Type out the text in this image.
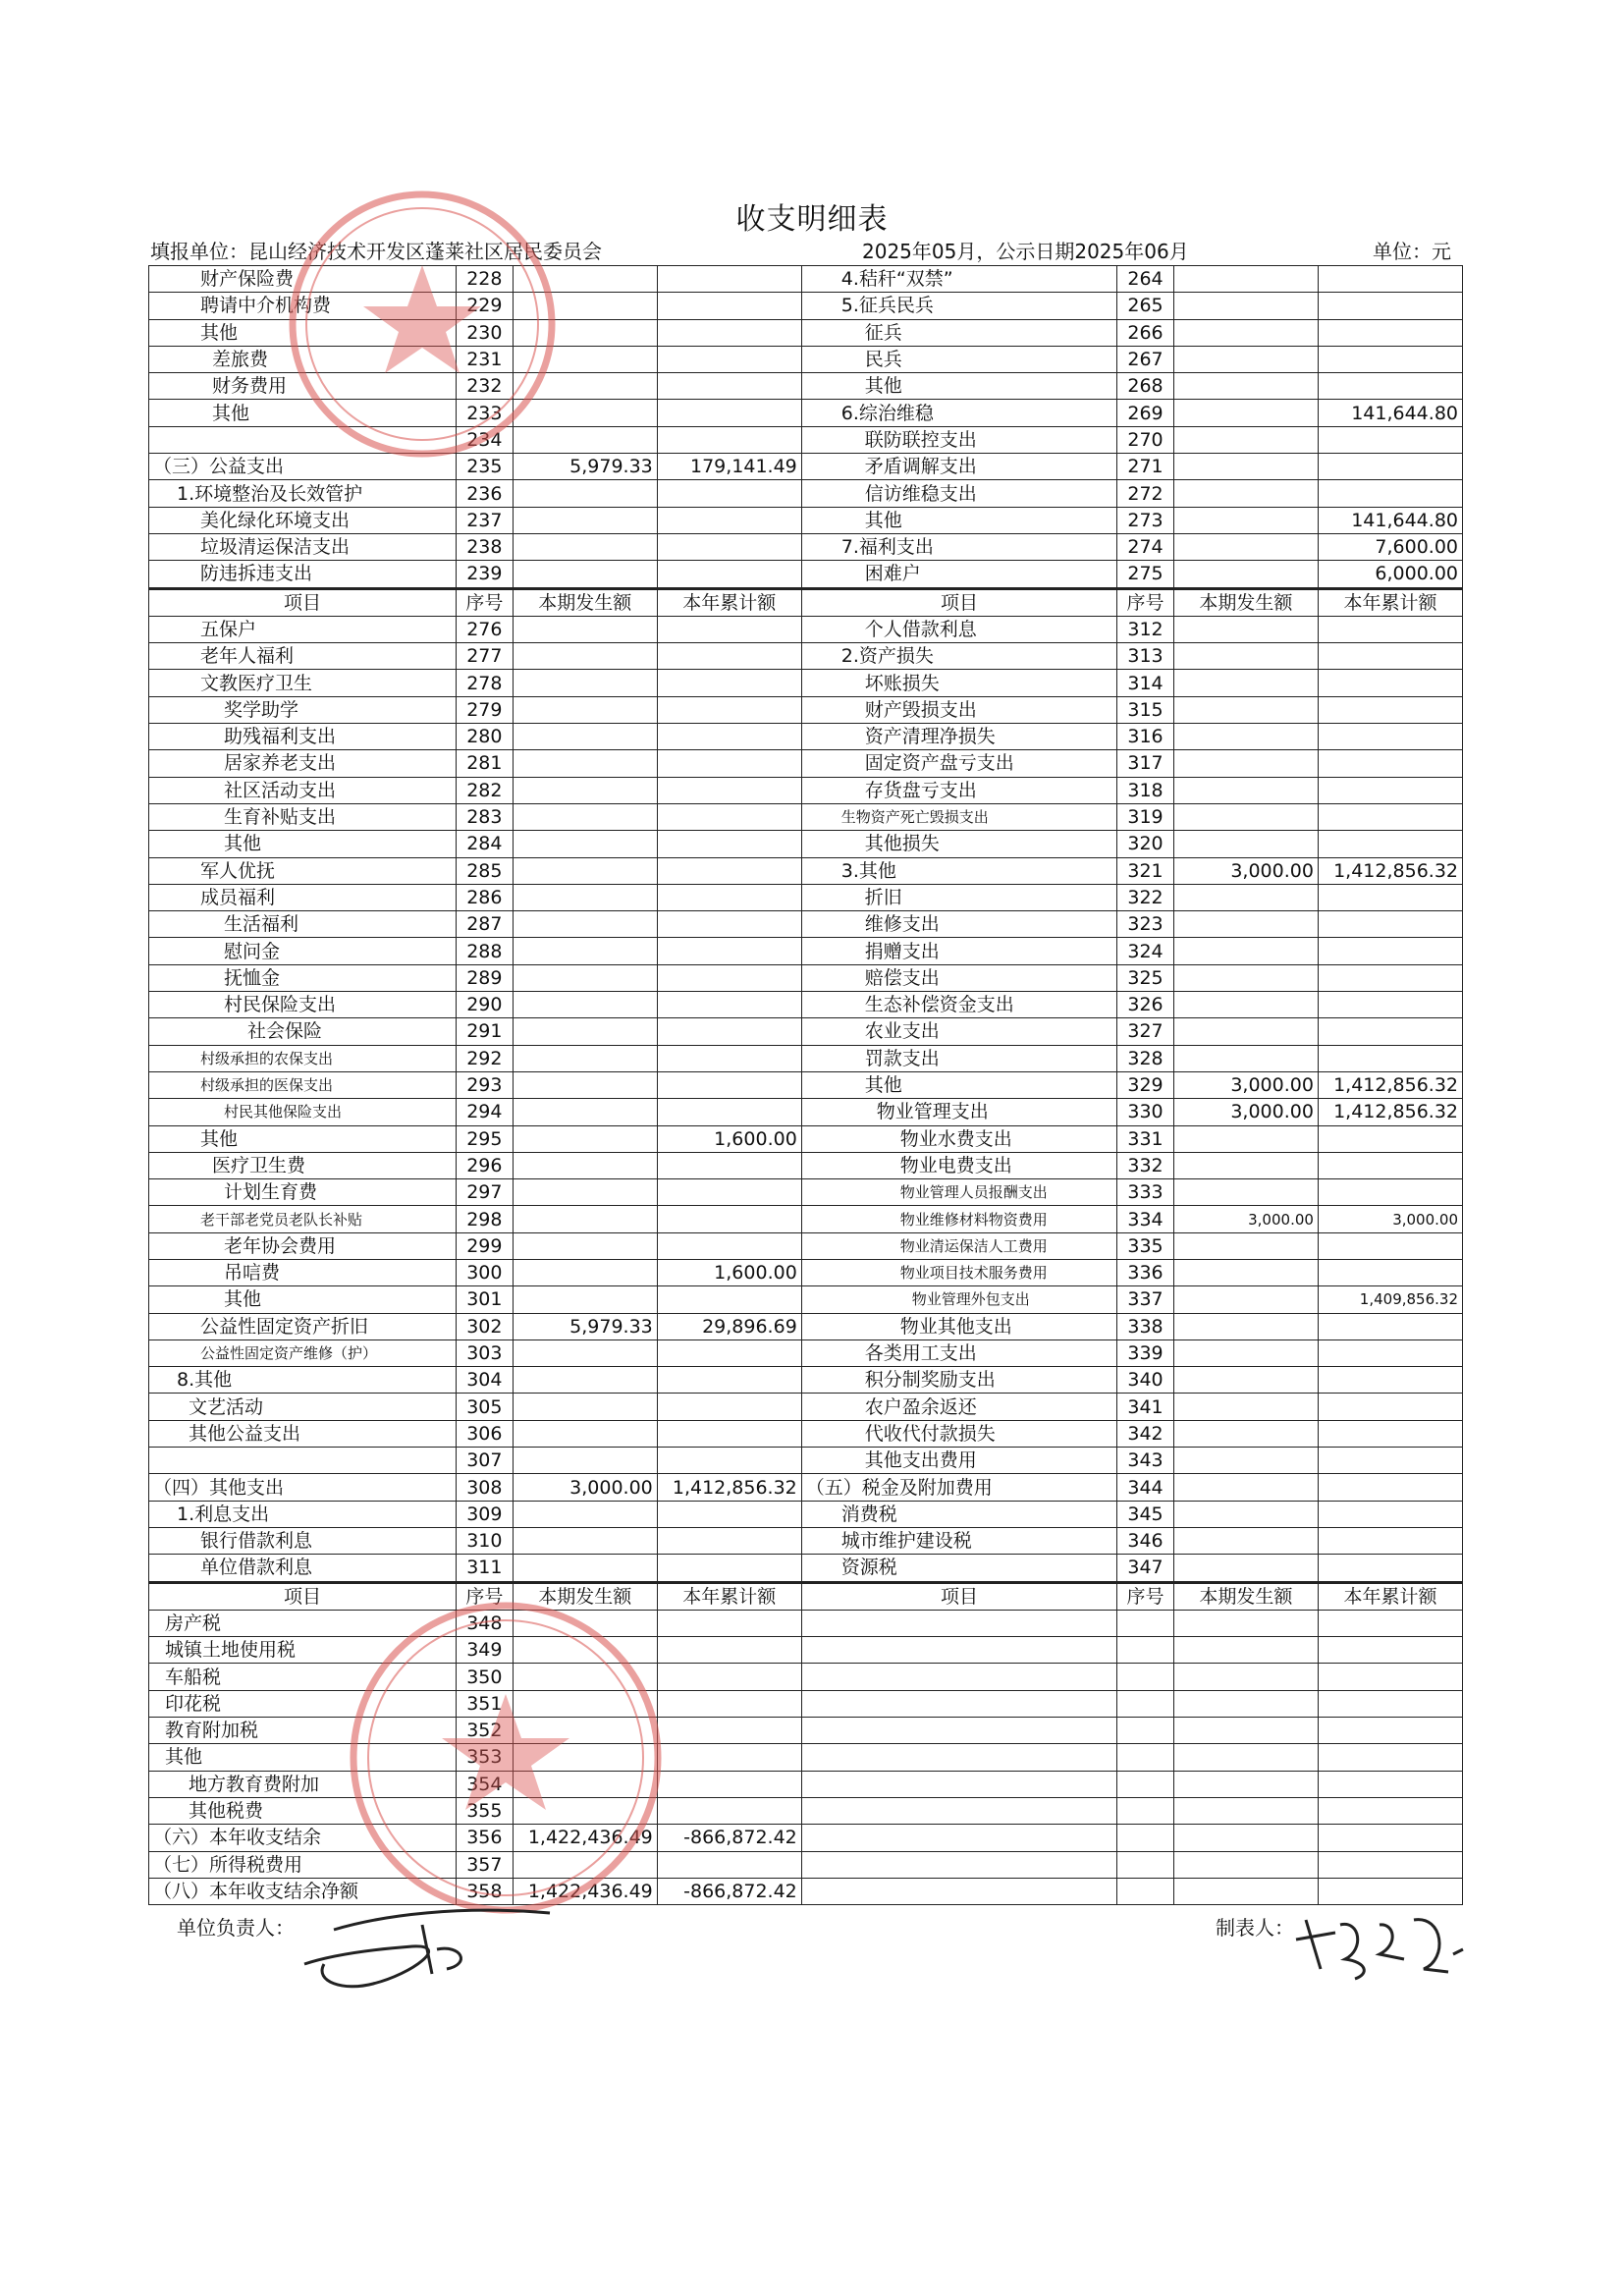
收支明细表
填报单位：昆山经济技术开发区蓬莱社区居民委员会	2025年05月，公示日期2025年06月	单位：元
财产保险费	228			4.秸秆“双禁”	264		
聘请中介机构费	229			5.征兵民兵	265		
其他	230			征兵	266		
差旅费	231			民兵	267		
财务费用	232			其他	268		
其他	233			6.综治维稳	269		141,644.80
	234			联防联控支出	270		
（三）公益支出	235	5,979.33	179,141.49	矛盾调解支出	271		
1.环境整治及长效管护	236			信访维稳支出	272		
美化绿化环境支出	237			其他	273		141,644.80
垃圾清运保洁支出	238			7.福利支出	274		7,600.00
防违拆违支出	239			困难户	275		6,000.00
项目	序号	本期发生额	本年累计额	项目	序号	本期发生额	本年累计额
五保户	276			个人借款利息	312		
老年人福利	277			2.资产损失	313		
文教医疗卫生	278			坏账损失	314		
奖学助学	279			财产毁损支出	315		
助残福利支出	280			资产清理净损失	316		
居家养老支出	281			固定资产盘亏支出	317		
社区活动支出	282			存货盘亏支出	318		
生育补贴支出	283			生物资产死亡毁损支出	319		
其他	284			其他损失	320		
军人优抚	285			3.其他	321	3,000.00	1,412,856.32
成员福利	286			折旧	322		
生活福利	287			维修支出	323		
慰问金	288			捐赠支出	324		
抚恤金	289			赔偿支出	325		
村民保险支出	290			生态补偿资金支出	326		
社会保险	291			农业支出	327		
村级承担的农保支出	292			罚款支出	328		
村级承担的医保支出	293			其他	329	3,000.00	1,412,856.32
村民其他保险支出	294			物业管理支出	330	3,000.00	1,412,856.32
其他	295		1,600.00	物业水费支出	331		
医疗卫生费	296			物业电费支出	332		
计划生育费	297			物业管理人员报酬支出	333		
老干部老党员老队长补贴	298			物业维修材料物资费用	334	3,000.00	3,000.00
老年协会费用	299			物业清运保洁人工费用	335		
吊唁费	300		1,600.00	物业项目技术服务费用	336		
其他	301			物业管理外包支出	337		1,409,856.32
公益性固定资产折旧	302	5,979.33	29,896.69	物业其他支出	338		
公益性固定资产维修（护）	303			各类用工支出	339		
8.其他	304			积分制奖励支出	340		
文艺活动	305			农户盈余返还	341		
其他公益支出	306			代收代付款损失	342		
	307			其他支出费用	343		
（四）其他支出	308	3,000.00	1,412,856.32	（五）税金及附加费用	344		
1.利息支出	309			消费税	345		
银行借款利息	310			城市维护建设税	346		
单位借款利息	311			资源税	347		
项目	序号	本期发生额	本年累计额	项目	序号	本期发生额	本年累计额
房产税	348						
城镇土地使用税	349						
车船税	350						
印花税	351						
教育附加税	352						
其他	353						
地方教育费附加	354						
其他税费	355						
（六）本年收支结余	356	1,422,436.49	-866,872.42				
（七）所得税费用	357						
（八）本年收支结余净额	358	1,422,436.49	-866,872.42				
单位负责人：	制表人：
